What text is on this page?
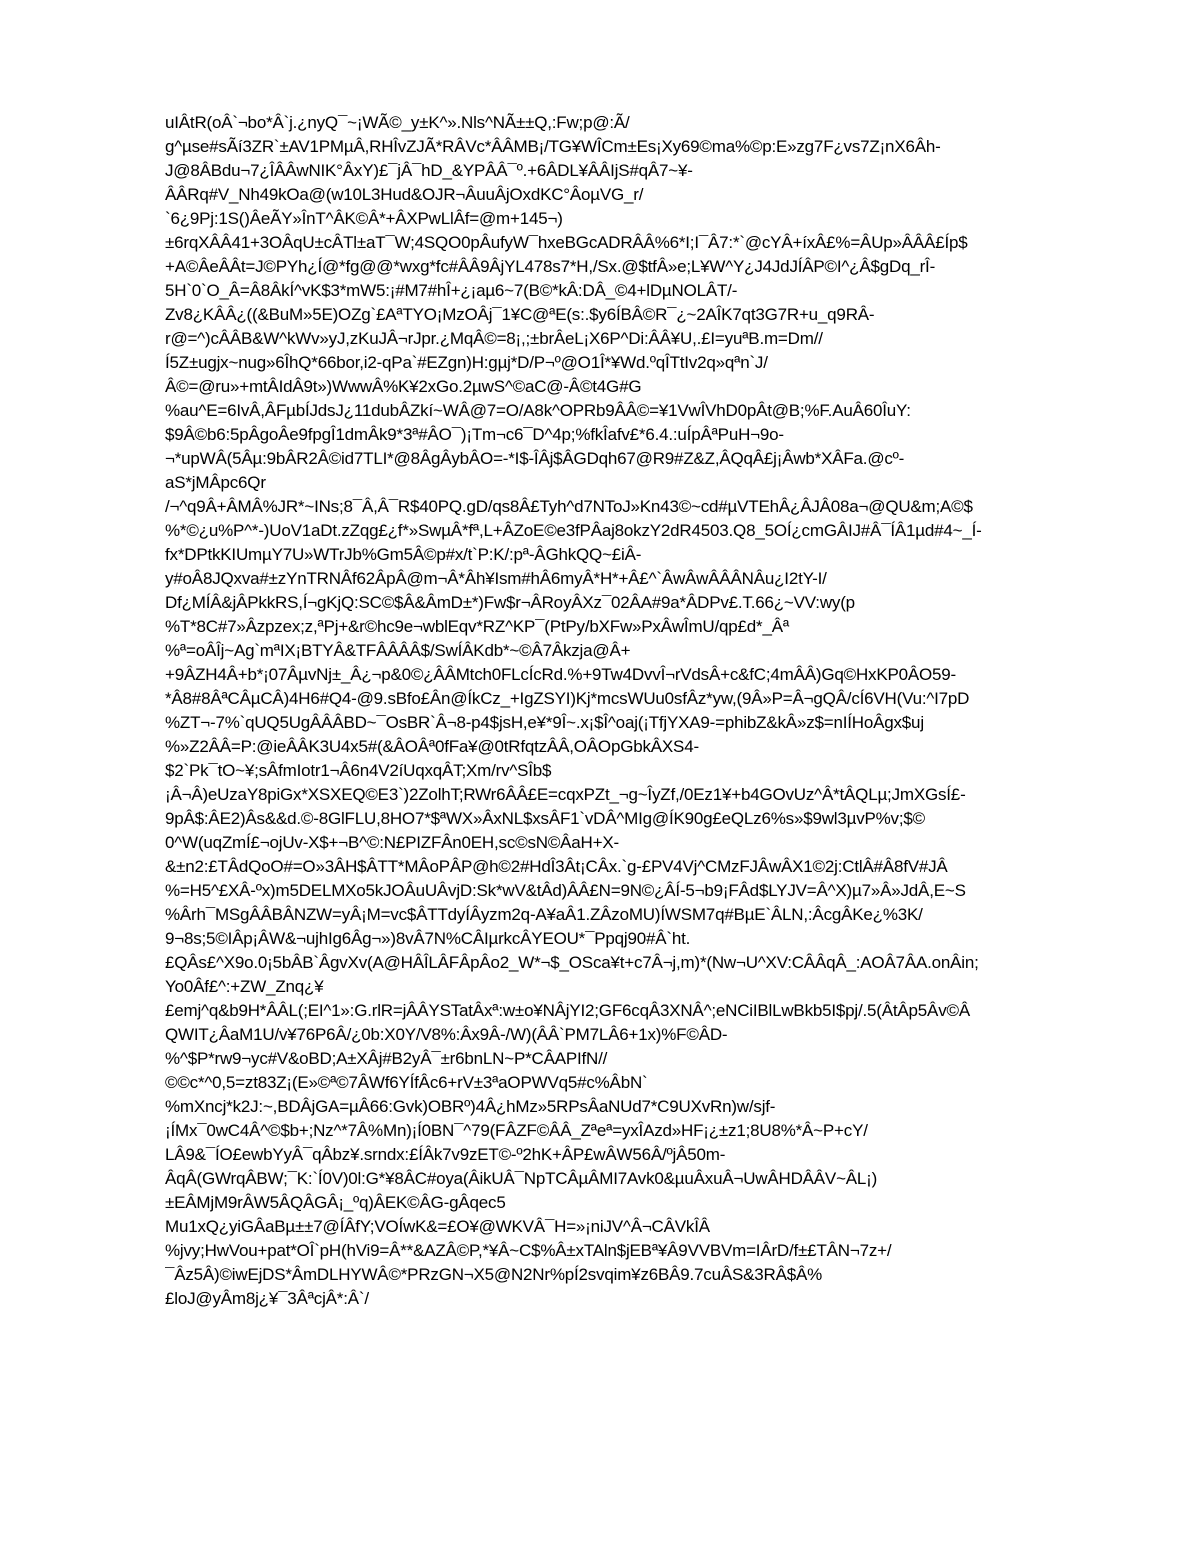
uIÂtR(oÂ`¬bo*Â`j.¿nyQ¯~¡WÃ©_y±K^».Nls^NÃ±±Q,:Fw;p@:Ã/
g^µse#sÃí3ZR`±AV1PMµÂ,RHÎvZJÃ*RÂVc*ÂÂMB¡/TG¥WÎCm±Es¡Xy69©ma%©p:E»zg7F¿vs7Z¡nX6Âh-
J@8ÂBdu¬7¿ÎÂÂwNIK°ÂxY)£¯jÂ¯hD_&YPÂÂ¯º.+6ÂDL¥ÂÂIjS#qÂ7~¥-
ÂÂRq#V_Nh49kOa@(w10L3Hud&OJR¬ÂuuÂjOxdKC°ÂoµVG_r/
`6¿9Pj:1S()ÂeÃY»ÎnT^ÂK©Â*+ÂXPwLlÂf=@m+145¬)
±6rqXÂÂ41+3OÂqU±cÂTl±aT¯W;4SQO0pÂufyW¯hxeBGcADRÂÂ%6*I;I¯Â7:*`@cYÂ+íxÂ£%=ÂUp»ÂÂÂ£Íp$
+A©ÂeÂÂt=J©PYh¿Í@*fg@@*wxg*fc#ÂÂ9ÂjYL478s7*H,/Sx.@$tfÂ»e;L¥W^Y¿J4JdJÍÂP©I^¿Â$gDq_rÎ-
5H`0`O_Â=Â8ÂkÍ^vK$3*mW5:¡#M7#hÎ+¿¡aµ6~7(B©*kÂ:DÂ_©4+lDµNOLÂT/-
Zv8¿KÂÂ¿((&BuM»5E)OZg`£AªTYO¡MzOÂj¯1¥C@ªE(s:.$y6ÍBÂ©R¯¿~2AÎK7qt3G7R+u_q9RÂ-
r@=^)cÂÂB&W^kWv»yJ,zKuJÂ¬rJpr.¿MqÂ©=8¡,;±brÂeL¡X6P^Di:ÂÂ¥U,.£I=yuªB.m=Dm//
Í5Z±ugjx~nug»6ÎhQ*66bor,i2-qPa`#EZgn)H:gµj*D/P¬º@O1Î*¥Wd.ºqÎTtIv2q»qªn`J/
Â©=@ru»+mtÂIdÂ9t»)WwwÂ%K¥2xGo.2µwS^©aC@-Â©t4G#G
%au^E=6IvÂ,ÂFµbÍJdsJ¿11dubÂZkí~WÂ@7=O/A8k^OPRb9ÂÂ©=¥1VwÎVhD0pÂt@B;%F.AuÂ60ÎuY:
$9Â©b6:5pÂgoÂe9fpgÎ1dmÂk9*3ª#ÂO¯)¡Tm¬c6¯D^4p;%fkÎafv£*6.4.:uÍpÂªPuH¬9o-
¬*upWÂ(5Âµ:9bÂR2Â©id7TLI*@8ÂgÂybÂO=-*I$-ÎÂj$ÂGDqh67@R9#Z&Z,ÂQqÂ£j¡Âwb*XÂFa.@cº-
aS*jMÂpc6Qr
/¬^q9Â+ÂMÂ%JR*~INs;8¯Â,Â¯R$40PQ.gD/qs8Â£Tyh^d7NToJ»Kn43©~cd#µVTEhÂ¿ÂJÂ08a¬@QU&m;A©$
%*©¿u%P^*-)UoV1aDt.zZqg£¿f*»SwµÂ*fª,L+ÂZoE©e3fPÂaj8okzY2dR4503.Q8_5OÍ¿cmGÂIJ#Â¯ÍÂ1µd#4~_Í-
fx*DPtkKIUmµY7U»WTrJb%Gm5Â©p#x/t`P:K/:pª-ÂGhkQQ~£iÂ-
y#oÂ8JQxva#±zYnTRNÂf62ÂpÂ@m¬Â*Âh¥Ism#hÂ6myÂ*H*+Â£^`ÂwÂwÂÂÂNÂu¿I2tY-I/
Df¿MÍÂ&jÂPkkRS,Í¬gKjQ:SC©$Â&ÂmD±*)Fw$r¬ÂRoyÂXz¯02ÂA#9a*ÂDPv£.T.66¿~VV:wy(p
%T*8C#7»Âzpzex;z,ªPj+&r©hc9e¬wblEqv*RZ^KP¯(PtPy/bXFw»PxÂwÎmU/qp£d*_Âª
%ª=oÂÎj~Ag`mªIX¡BTYÂ&TFÂÂÂÂ$/SwÍÂKdb*~©Â7Âkzja@Â+
+9ÂZH4Â+b*¡07ÂµvNj±_Â¿¬p&0©¿ÂÂMtch0FLcÍcRd.%+9Tw4DvvÎ¬rVdsÂ+c&fC;4mÂÂ)Gq©HxKP0ÂO59-
*Â8#8ÂªCÂµCÂ)4H6#Q4-@9.sBfo£Ân@ÍkCz_+IgZSYI)Kj*mcsWUu0sfÂz*yw,(9Â»P=Â¬gQÂ/cÍ6VH(Vu:^I7pD
%ZT¬-7%`qUQ5UgÂÂÂBD~¯OsBR`Â¬8-p4$jsH,e¥*9Î~.x¡$Î^oaj(¡TfjYXA9-=phibZ&kÂ»z$=nIÍHoÂgx$uj
%»Z2ÂÂ=P:@ieÂÂK3U4x5#(&ÂOÂª0fFa¥@0tRfqtzÂÂ,OÂOpGbkÂXS4-
$2`Pk¯tO~¥;sÂfmIotr1¬Â6n4V2íUqxqÂT;Xm/rv^SÎb$
¡Â¬Â)eUzaY8piGx*XSXEQ©E3`)2ZolhT;RWr6ÂÂ£E=cqxPZt_¬g~ÎyZf,/0Ez1¥+b4GOvUz^Â*tÂQLµ;JmXGsÍ£-
9pÂ$:ÂE2)Âs&&d.©-8GlFLU,8HO7*$ªWX»ÂxNL$xsÂF1`vDÂ^MIg@ÍK90g£eQLz6%s»$9wl3µvP%v;$©
0^W(uqZmÍ£¬ojUv-X$+¬B^©:N£PIZFÂn0EH,sc©sN©ÂaH+X-
&±n2:£TÂdQoO#=O»3ÂH$ÂTT*MÂoPÂP@h©2#HdÎ3Ât¡CÂx.`g-£PV4Vj^CMzFJÂwÂX1©2j:CtlÂ#Â8fV#JÂ
%=H5^£XÂ-ºx)m5DELMXo5kJOÂuUÂvjD:Sk*wV&tÂd)ÂÂ£N=9N©¿ÂÍ-5¬b9¡FÂd$LYJV=Â^X)µ7»Â»JdÂ,E~S
%Ârh¯MSgÂÂBÂNZW=yÂ¡M=vc$ÂTTdyÍÂyzm2q-A¥aÂ1.ZÂzoMU)ÍWSM7q#BµE`ÂLN,:ÂcgÂKe¿%3K/
9¬8s;5©IÂp¡ÂW&¬ujhIg6Âg¬»)8vÂ7N%CÂIµrkcÂYEOU*¯Ppqj90#Â`ht.
£QÂs£^X9o.0¡5bÂB`ÂgvXv(A@HÂÎLÂFÂpÂo2_W*¬$_OSca¥t+c7Â¬j,m)*(Nw¬U^XV:CÂÂqÂ_:AOÂ7ÂA.onÂin;
Yo0Âf£^:+ZW_Znq¿¥
£emj^q&b9H*ÂÂL(;EI^1»:G.rlR=jÂÂYSTatÂxª:w±o¥NÂjYI2;GF6cqÂ3XNÂ^;eNCiIBlLwBkb5I$pj/.5(ÂtÂp5Âv©Â
QWIT¿ÂaM1U/v¥76P6Â/¿0b:X0Y/V8%:Âx9Â-/W)(ÂÂ`PM7LÂ6+1x)%F©ÂD-
%^$P*rw9¬yc#V&oBD;A±XÂj#B2yÂ¯±r6bnLN~P*CÂAPIfN//
©©c*^0,5=zt83Z¡(E»©ª©7ÂWf6YÍfÂc6+rV±3ªaOPWVq5#c%ÂbN`
%mXncj*k2J:~,BDÂjGA=µÂ66:Gvk)OBRº)4Â¿hMz»5RPsÂaNUd7*C9UXvRn)w/sjf-
¡ÍMx¯0wC4Â^©$b+;Nz^*7Â%Mn)¡Í0BN¯^79(FÂZF©ÂÂ_Zªeª=yxÎAzd»HF¡¿±z1;8U8%*Â~P+cY/
LÂ9&¯ÍO£ewbYyÂ¯qÂbz¥.srndx:£ÍÂk7v9zET©-º2hK+ÂP£wÂW56Â/ºjÂ50m-
ÂqÂ(GWrqÂBW;¯K:`Í0V)0l:G*¥8ÂC#oya(ÂikUÂ¯NpTCÂµÂMI7Avk0&µuÂxuÂ¬UwÂHDÂÂV~ÂL¡)
±EÂMjM9rÂW5ÂQÂGÂ¡_ºq)ÂEK©ÂG-gÂqec5
Mu1xQ¿yiGÂaBµ±±7@ÍÂfY;VOÍwK&=£O¥@WKVÂ¯H=»¡niJV^Â¬CÂVkÎÂ
%jvy;HwVou+pat*OÎ`pH(hVi9=Â**&AZÂ©P,*¥Â~C$%Â±xTAln$jEBª¥Â9VVBVm=IÂrD/f±£TÂN¬7z+/
¯Âz5Â)©iwEjDS*ÂmDLHYWÂ©*PRzGN¬X5@N2Nr%pÍ2svqim¥z6BÂ9.7cuÂS&3RÂ$Â%
£loJ@yÂm8j¿¥¯3ÂªcjÂ*:Â`/
